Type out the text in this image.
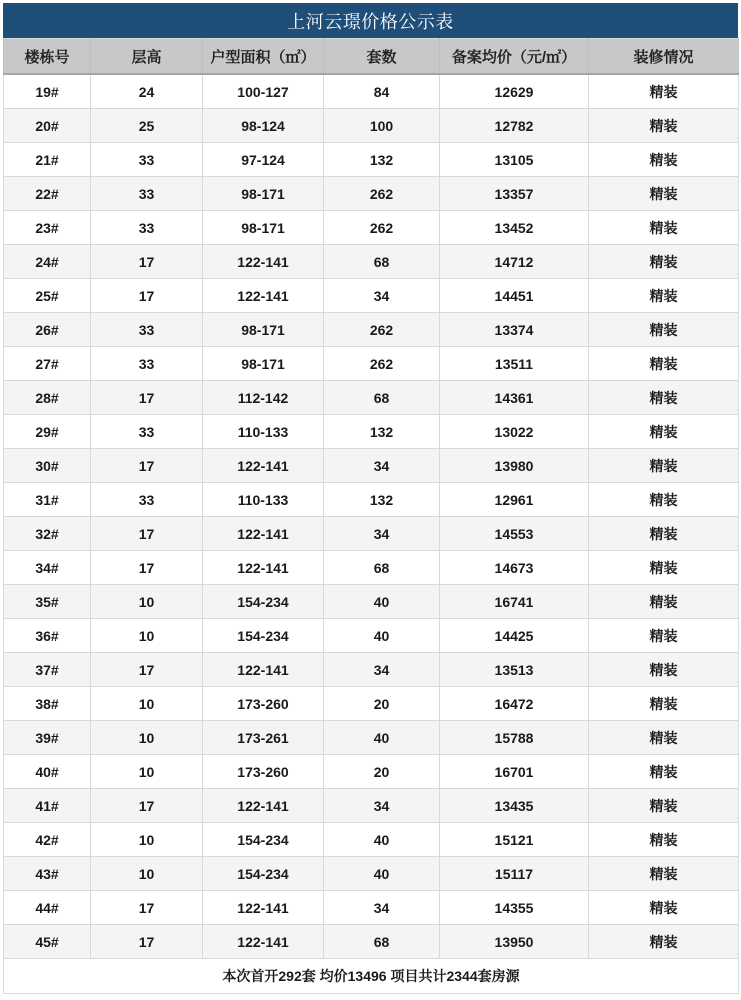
上河云璟价格公示表
楼栋号	层高	户型面积（㎡）	套数	备案均价（元/㎡）	装修情况
19#	24	100-127	84	12629	精装
20#	25	98-124	100	12782	精装
21#	33	97-124	132	13105	精装
22#	33	98-171	262	13357	精装
23#	33	98-171	262	13452	精装
24#	17	122-141	68	14712	精装
25#	17	122-141	34	14451	精装
26#	33	98-171	262	13374	精装
27#	33	98-171	262	13511	精装
28#	17	112-142	68	14361	精装
29#	33	110-133	132	13022	精装
30#	17	122-141	34	13980	精装
31#	33	110-133	132	12961	精装
32#	17	122-141	34	14553	精装
34#	17	122-141	68	14673	精装
35#	10	154-234	40	16741	精装
36#	10	154-234	40	14425	精装
37#	17	122-141	34	13513	精装
38#	10	173-260	20	16472	精装
39#	10	173-261	40	15788	精装
40#	10	173-260	20	16701	精装
41#	17	122-141	34	13435	精装
42#	10	154-234	40	15121	精装
43#	10	154-234	40	15117	精装
44#	17	122-141	34	14355	精装
45#	17	122-141	68	13950	精装
本次首开292套 均价13496 项目共计2344套房源					
